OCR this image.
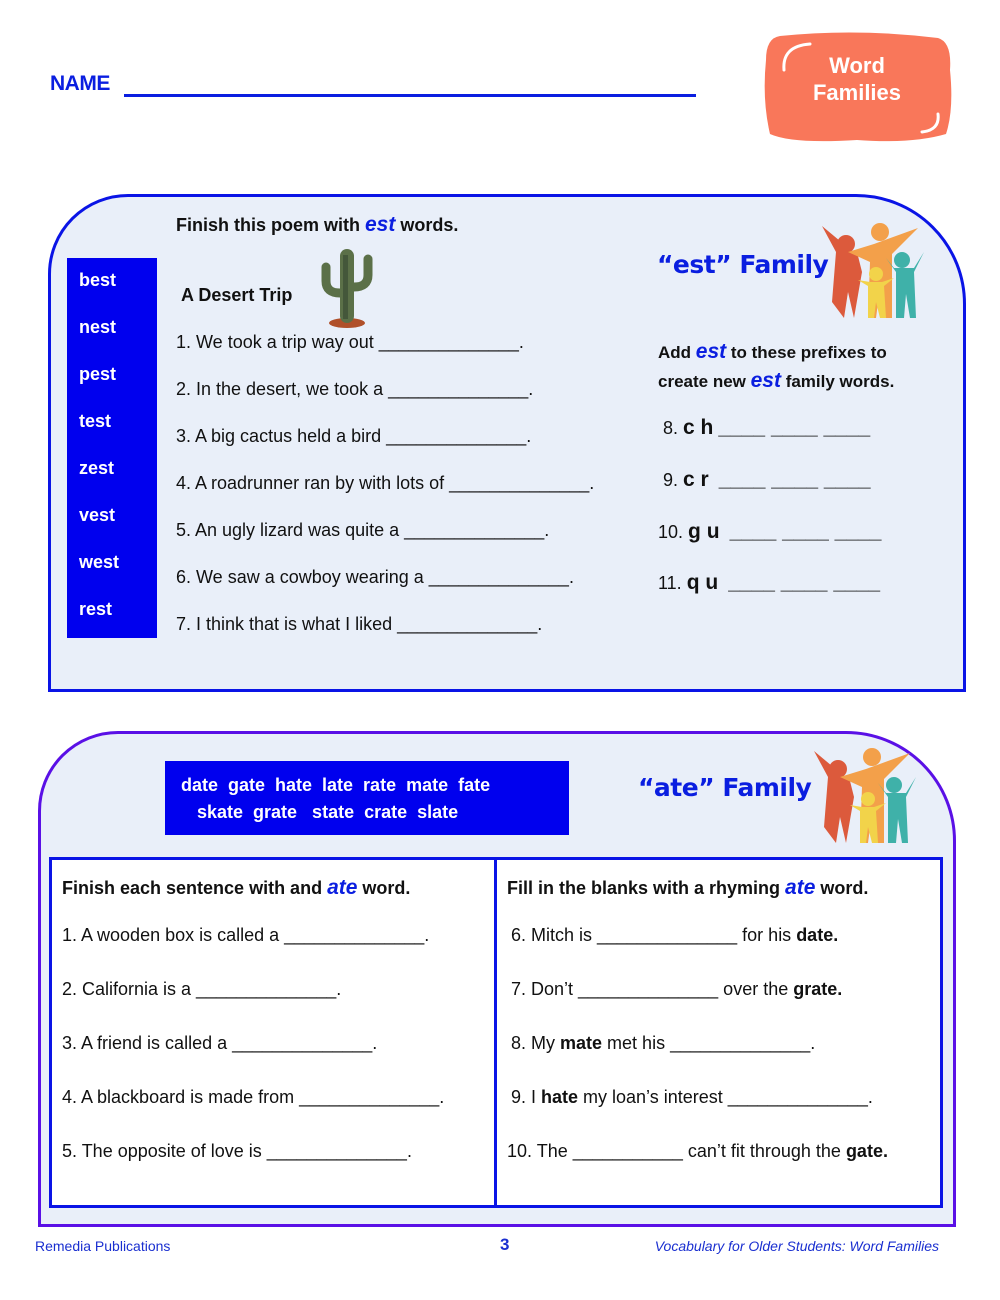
NAME
Word
Families
Finish this poem with est words.
best
nest
pest
test
zest
vest
west
rest
A Desert Trip
1. We took a trip way out ______________.
2. In the desert, we took a ______________.
3. A big cactus held a bird ______________.
4. A roadrunner ran by with lots of ______________.
5. An ugly lizard was quite a ______________.
6. We saw a cowboy wearing a ______________.
7. I think that is what I liked ______________.
“est” Family
Add est to these prefixes to
create new est family words.
8. c h ____ ____ ____
9. c r ____ ____ ____
10. g u ____ ____ ____
11. q u ____ ____ ____
date  gate  hate  late  rate  mate  fate
skate  grate   state  crate  slate
“ate” Family
Finish each sentence with and ate word.
1. A wooden box is called a ______________.
2. California is a ______________.
3. A friend is called a ______________.
4. A blackboard is made from ______________.
5. The opposite of love is ______________.
Fill in the blanks with a rhyming ate word.
6. Mitch is ______________ for his date.
7. Don’t ______________ over the grate.
8. My mate met his ______________.
9. I hate my loan’s interest ______________.
10. The ___________ can’t fit through the gate.
Remedia Publications	3	Vocabulary for Older Students: Word Families
